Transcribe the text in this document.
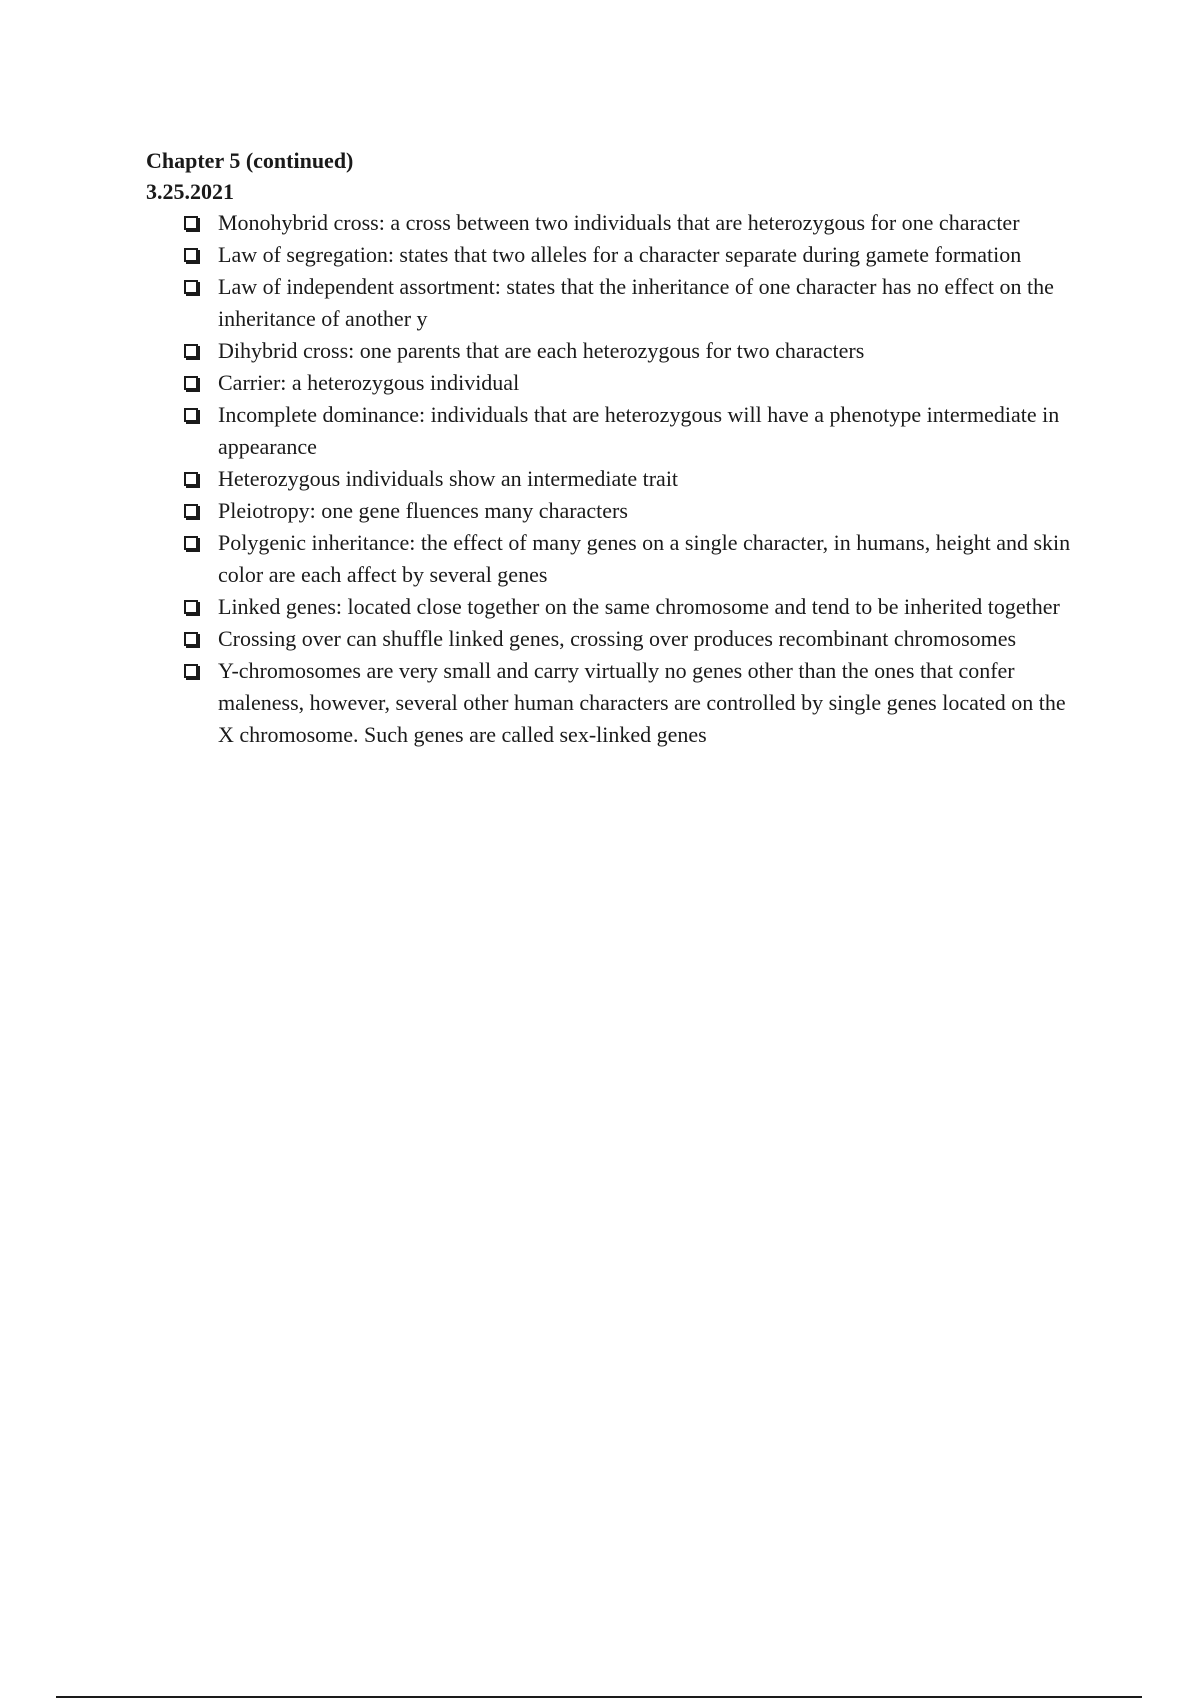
Chapter 5 (continued)

3.25.2021

Monohybrid cross: a cross between two individuals that are heterozygous for one character
Law of segregation: states that two alleles for a character separate during gamete formation
Law of independent assortment: states that the inheritance of one character has no effect on the inheritance of another y
Dihybrid cross: one parents that are each heterozygous for two characters
Carrier: a heterozygous individual
Incomplete dominance: individuals that are heterozygous will have a phenotype intermediate in appearance
Heterozygous individuals show an intermediate trait
Pleiotropy: one gene fluences many characters
Polygenic inheritance: the effect of many genes on a single character, in humans, height and skin color are each affect by several genes
Linked genes: located close together on the same chromosome and tend to be inherited together
Crossing over can shuffle linked genes, crossing over produces recombinant chromosomes
Y-chromosomes are very small and carry virtually no genes other than the ones that confer maleness, however, several other human characters are controlled by single genes located on the X chromosome. Such genes are called sex-linked genes
